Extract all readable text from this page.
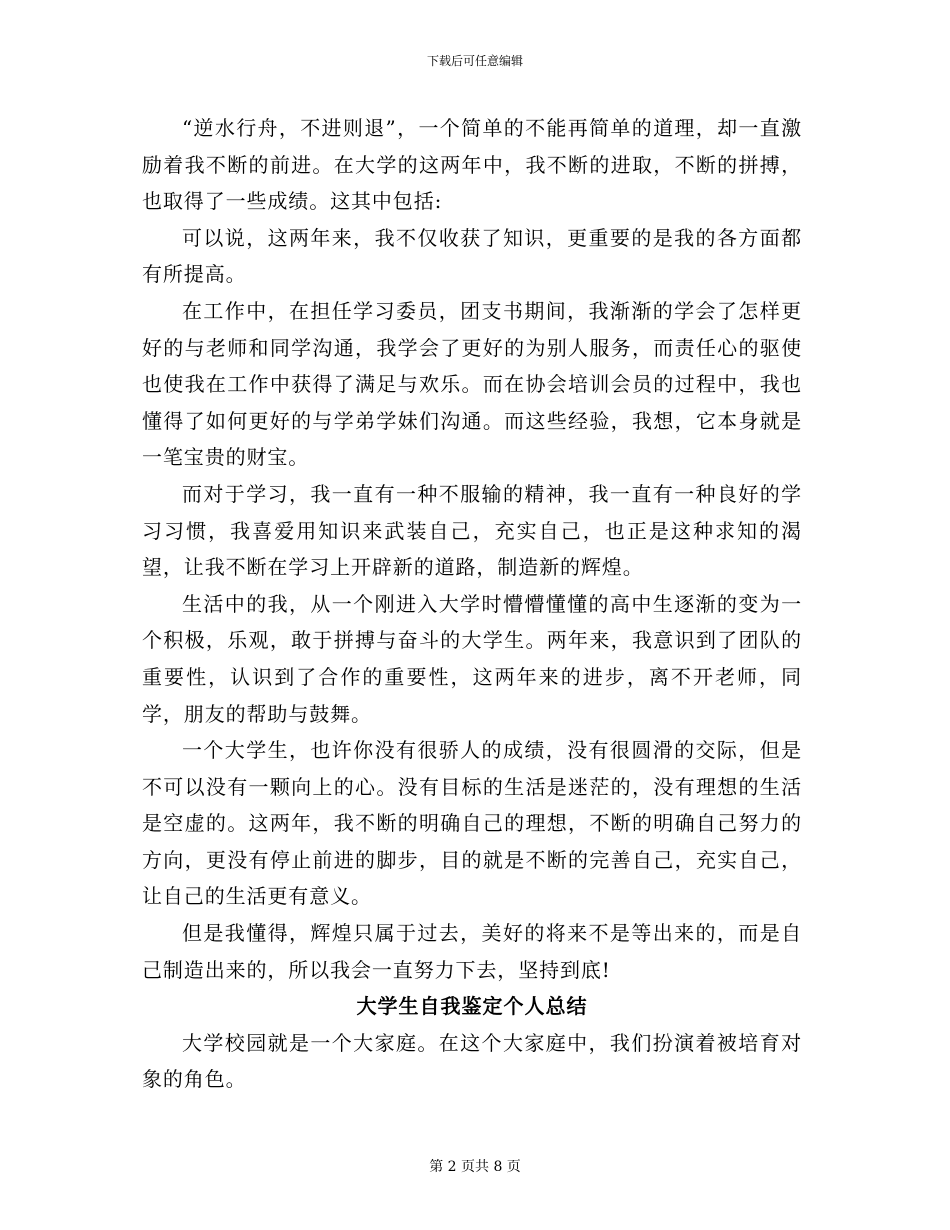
下载后可任意编辑

“逆水行舟，不进则退”，一个简单的不能再简单的道理，却一直激励着我不断的前进。在大学的这两年中，我不断的进取，不断的拼搏，也取得了一些成绩。这其中包括:

可以说，这两年来，我不仅收获了知识，更重要的是我的各方面都有所提高。

在工作中，在担任学习委员，团支书期间，我渐渐的学会了怎样更好的与老师和同学沟通，我学会了更好的为别人服务，而责任心的驱使也使我在工作中获得了满足与欢乐。而在协会培训会员的过程中，我也懂得了如何更好的与学弟学妹们沟通。而这些经验，我想，它本身就是一笔宝贵的财宝。

而对于学习，我一直有一种不服输的精神，我一直有一种良好的学习习惯，我喜爱用知识来武装自己，充实自己，也正是这种求知的渴望，让我不断在学习上开辟新的道路，制造新的辉煌。

生活中的我，从一个刚进入大学时懵懵懂懂的高中生逐渐的变为一个积极，乐观，敢于拼搏与奋斗的大学生。两年来，我意识到了团队的重要性，认识到了合作的重要性，这两年来的进步，离不开老师，同学，朋友的帮助与鼓舞。

一个大学生，也许你没有很骄人的成绩，没有很圆滑的交际，但是不可以没有一颗向上的心。没有目标的生活是迷茫的，没有理想的生活是空虚的。这两年，我不断的明确自己的理想，不断的明确自己努力的方向，更没有停止前进的脚步，目的就是不断的完善自己，充实自己，让自己的生活更有意义。

但是我懂得，辉煌只属于过去，美好的将来不是等出来的，而是自己制造出来的，所以我会一直努力下去，坚持到底!

大学生自我鉴定个人总结

大学校园就是一个大家庭。在这个大家庭中，我们扮演着被培育对象的角色。

第 2 页共 8 页
